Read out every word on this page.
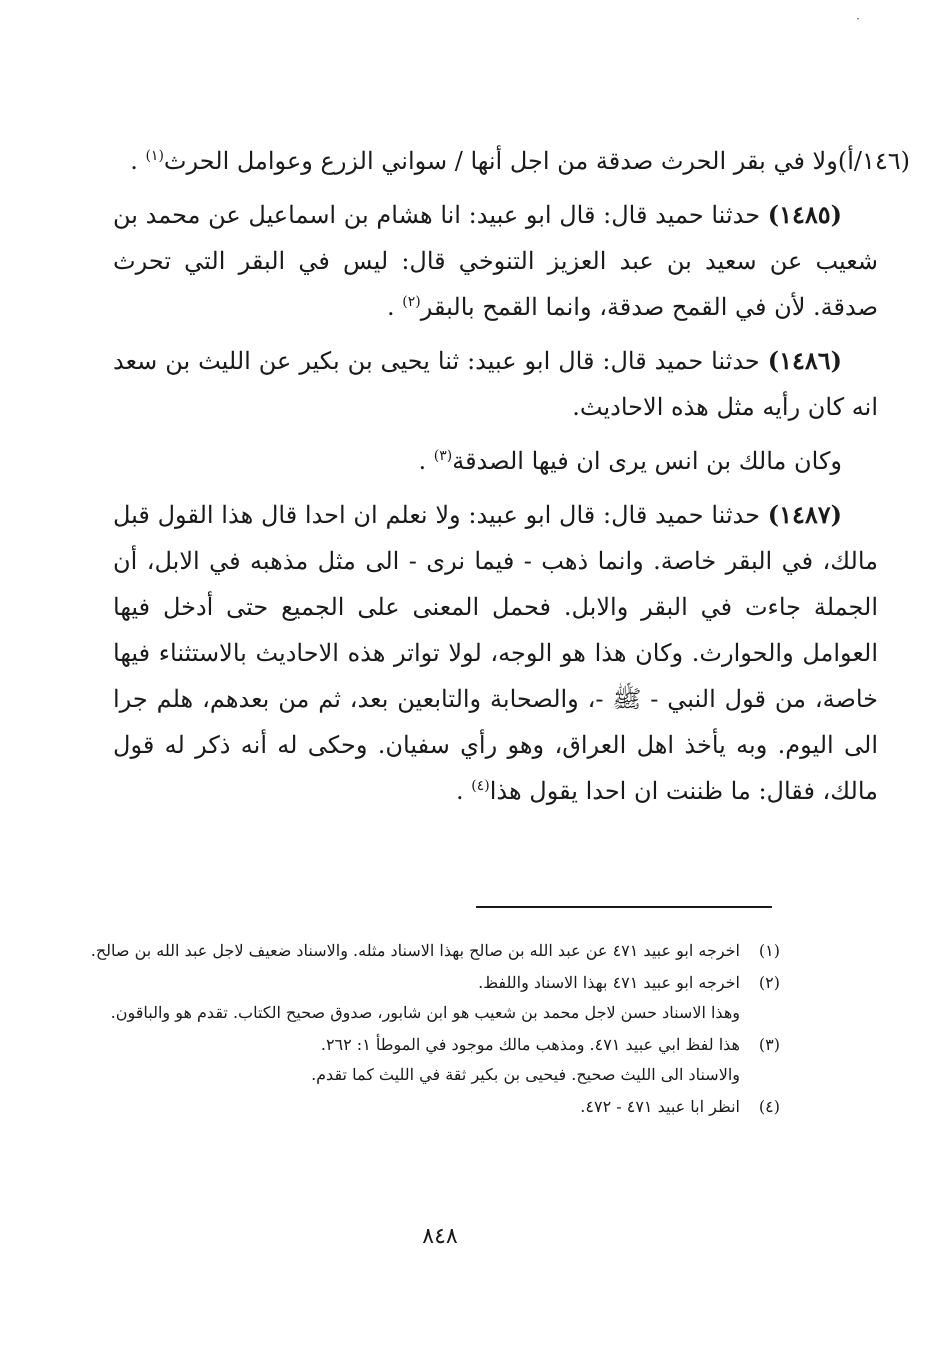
·

(١٤٦/أ)ولا في بقر الحرث صدقة من اجل أنها / سواني الزرع وعوامل الحرث$^{(١)}$ .

(١٤٨٥) حدثنا حميد قال: قال ابو عبيد: انا هشام بن اسماعيل عن محمد بن شعيب عن سعيد بن عبد العزيز التنوخي قال: ليس في البقر التي تحرث صدقة. لأن في القمح صدقة، وانما القمح بالبقر$^{(٢)}$ .

(١٤٨٦) حدثنا حميد قال: قال ابو عبيد: ثنا يحيى بن بكير عن الليث بن سعد انه كان رأيه مثل هذه الاحاديث.

وكان مالك بن انس يرى ان فيها الصدقة$^{(٣)}$ .

(١٤٨٧) حدثنا حميد قال: قال ابو عبيد: ولا نعلم ان احدا قال هذا القول قبل مالك، في البقر خاصة. وانما ذهب - فيما نرى - الى مثل مذهبه في الابل، أن الجملة جاءت في البقر والابل. فحمل المعنى على الجميع حتى أدخل فيها العوامل والحوارث. وكان هذا هو الوجه، لولا تواتر هذه الاحاديث بالاستثناء فيها خاصة، من قول النبي - ﷺ -، والصحابة والتابعين بعد، ثم من بعدهم، هلم جرا الى اليوم. وبه يأخذ اهل العراق، وهو رأي سفيان. وحكى له أنه ذكر له قول مالك، فقال: ما ظننت ان احدا يقول هذا$^{(٤)}$ .

(١)
اخرجه ابو عبيد ٤٧١ عن عبد الله بن صالح بهذا الاسناد مثله. والاسناد ضعيف لاجل عبد الله بن صالح.
(٢)
اخرجه ابو عبيد ٤٧١ بهذا الاسناد واللفظ.
وهذا الاسناد حسن لاجل محمد بن شعيب هو ابن شابور، صدوق صحيح الكتاب. تقدم هو والباقون.
(٣)
هذا لفظ ابي عبيد ٤٧١. ومذهب مالك موجود في الموطأ ١: ٢٦٢.
والاسناد الى الليث صحيح. فيحيى بن بكير ثقة في الليث كما تقدم.
(٤)
انظر ابا عبيد ٤٧١ - ٤٧٢.
٨٤٨
